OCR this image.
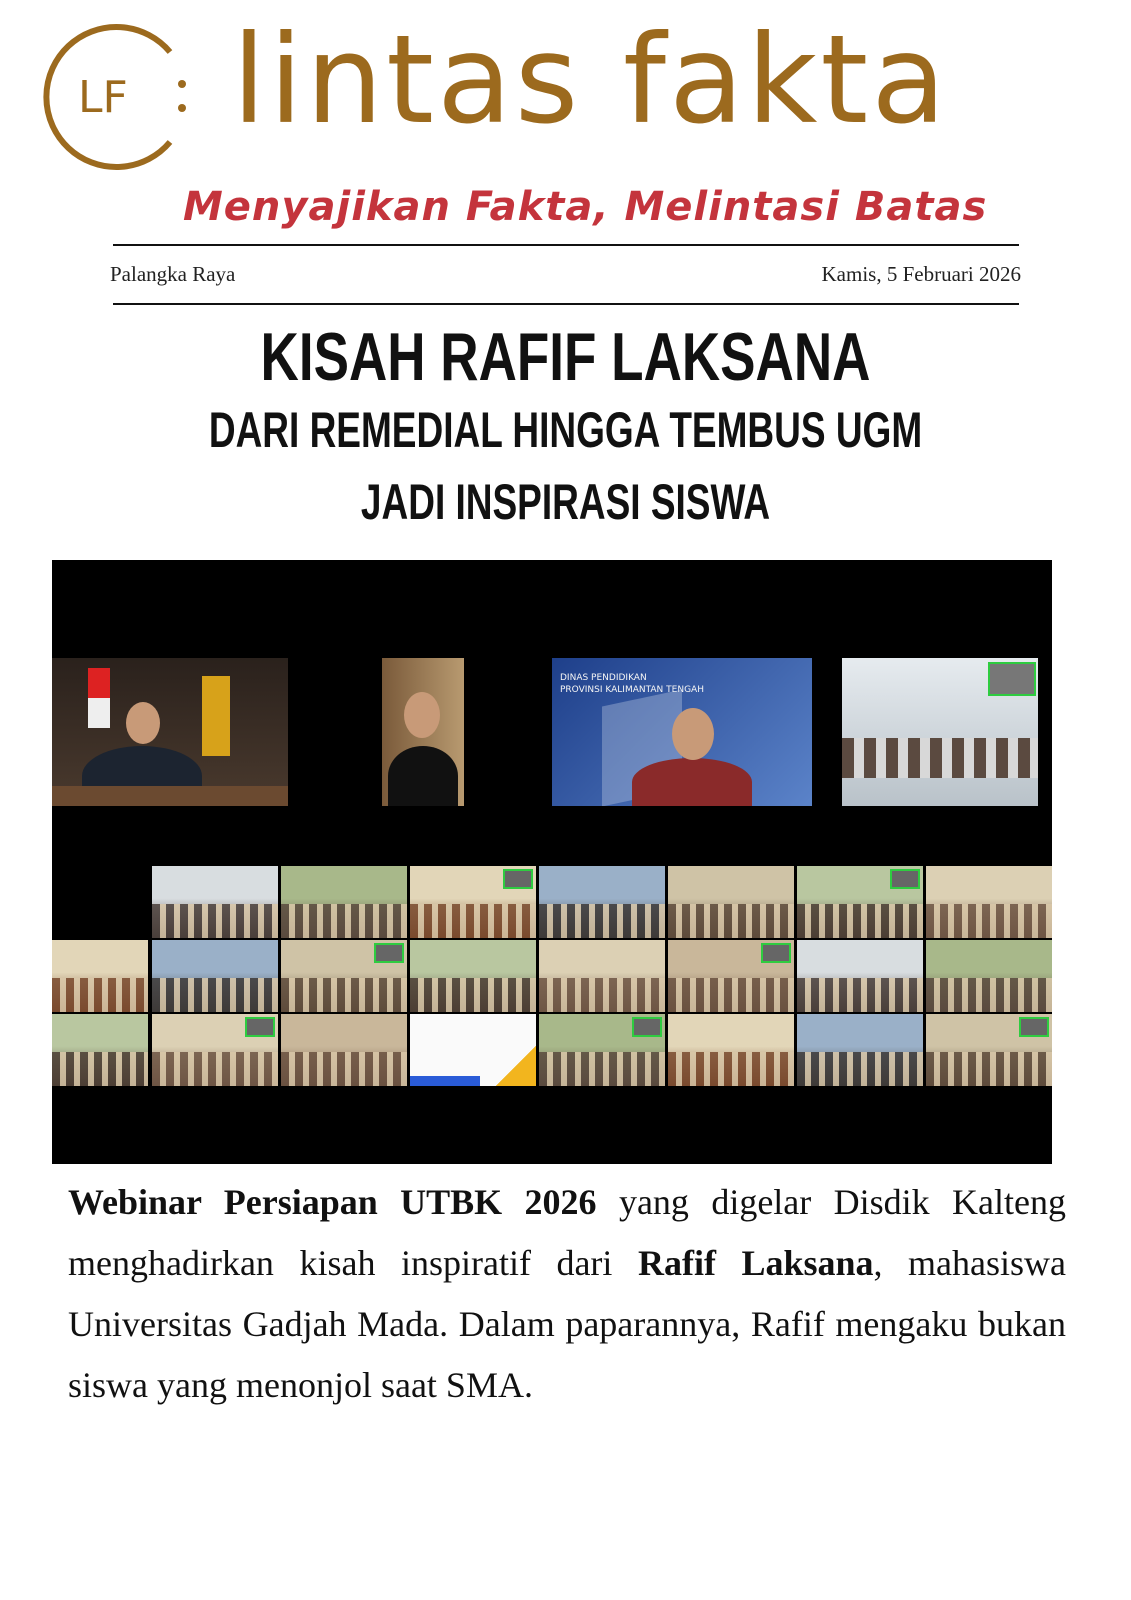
LF lintas fakta
Menyajikan Fakta, Melintasi Batas
Palangka Raya	Kamis, 5 Februari 2026
KISAH RAFIF LAKSANA
DARI REMEDIAL HINGGA TEMBUS UGM
JADI INSPIRASI SISWA
DINAS PENDIDIKAN
PROVINSI KALIMANTAN TENGAH
Webinar Persiapan UTBK 2026 yang digelar Disdik Kalteng menghadirkan kisah inspiratif dari Rafif Laksana, mahasiswa Universitas Gadjah Mada. Dalam paparannya, Rafif mengaku bukan siswa yang menonjol saat SMA.
